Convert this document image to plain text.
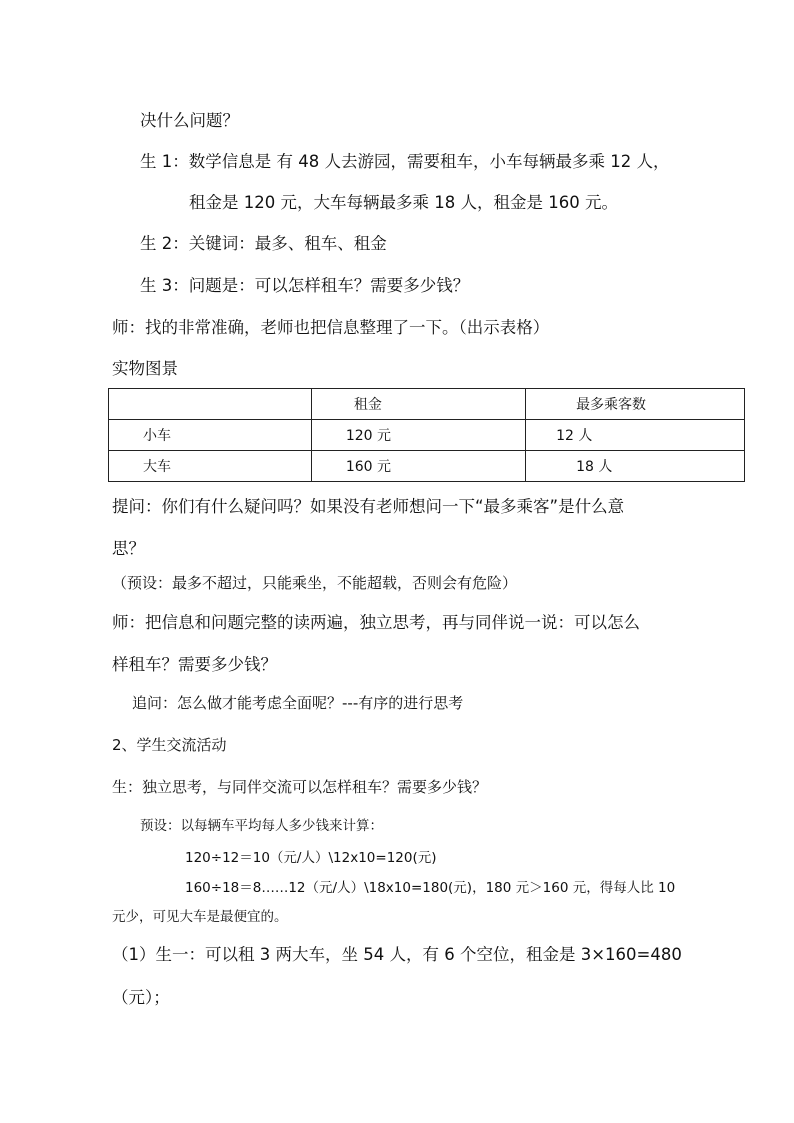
决什么问题？
生 1：数学信息是 有 48 人去游园，需要租车，小车每辆最多乘 12 人，
租金是 120 元，大车每辆最多乘 18 人，租金是 160 元。
生 2：关键词：最多、租车、租金
生 3：问题是：可以怎样租车？需要多少钱？
师：找的非常准确，老师也把信息整理了一下。（出示表格）
实物图景
	租金	最多乘客数
小车	120 元	12 人
大车	160 元	18 人
提问：你们有什么疑问吗？如果没有老师想问一下“最多乘客”是什么意
思？
（预设：最多不超过，只能乘坐，不能超载，否则会有危险）
师：把信息和问题完整的读两遍，独立思考，再与同伴说一说：可以怎么
样租车？需要多少钱？
追问：怎么做才能考虑全面呢？---有序的进行思考
2、学生交流活动
生：独立思考，与同伴交流可以怎样租车？需要多少钱？
预设：以每辆车平均每人多少钱来计算：
120÷12＝10（元/人）\12x10=120(元)
160÷18＝8……12（元/人）\18x10=180(元)，180 元＞160 元，得每人比 10
元少，可见大车是最便宜的。
（1）生一：可以租 3 两大车，坐 54 人，有 6 个空位，租金是 3×160=480
（元）；
